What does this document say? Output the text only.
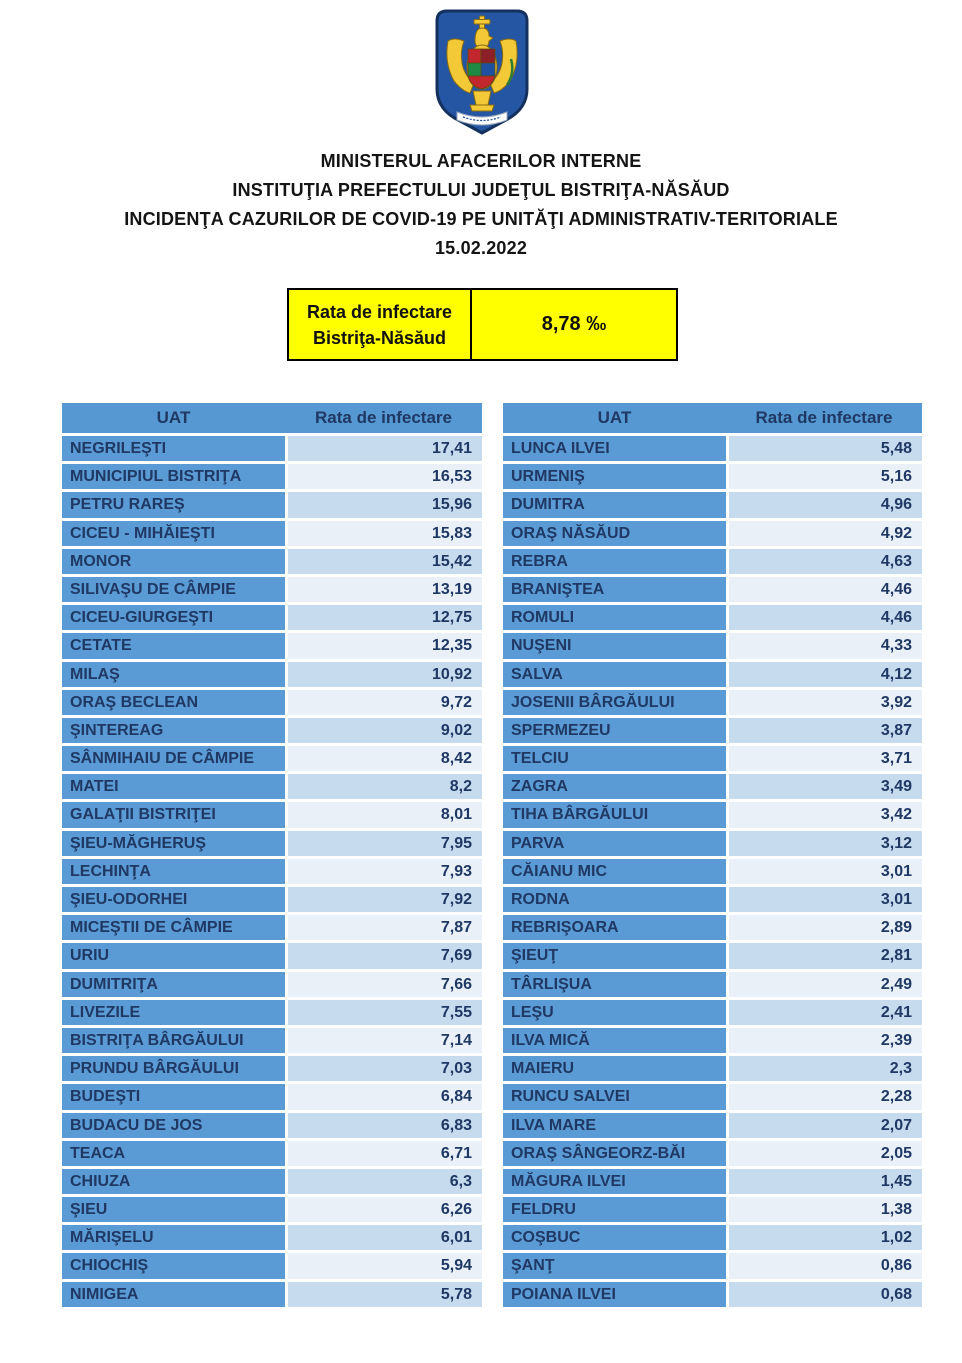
MINISTERUL AFACERILOR INTERNE
INSTITUŢIA PREFECTULUI JUDEŢUL BISTRIŢA-NĂSĂUD
INCIDENŢA CAZURILOR DE COVID-19 PE UNITĂŢI ADMINISTRATIV-TERITORIALE
15.02.2022
Rata de infectare
Bistriţa-Năsăud
8,78 ‰
UAT	Rata de infectare
NEGRILEŞTI	17,41
MUNICIPIUL BISTRIŢA	16,53
PETRU RAREŞ	15,96
CICEU - MIHĂIEŞTI	15,83
MONOR	15,42
SILIVAŞU DE CÂMPIE	13,19
CICEU-GIURGEŞTI	12,75
CETATE	12,35
MILAŞ	10,92
ORAŞ BECLEAN	9,72
ŞINTEREAG	9,02
SÂNMIHAIU DE CÂMPIE	8,42
MATEI	8,2
GALAŢII BISTRIŢEI	8,01
ŞIEU-MĂGHERUŞ	7,95
LECHINŢA	7,93
ŞIEU-ODORHEI	7,92
MICEŞTII DE CÂMPIE	7,87
URIU	7,69
DUMITRIŢA	7,66
LIVEZILE	7,55
BISTRIŢA BÂRGĂULUI	7,14
PRUNDU BÂRGĂULUI	7,03
BUDEŞTI	6,84
BUDACU DE JOS	6,83
TEACA	6,71
CHIUZA	6,3
ŞIEU	6,26
MĂRIŞELU	6,01
CHIOCHIŞ	5,94
NIMIGEA	5,78
UAT	Rata de infectare
LUNCA ILVEI	5,48
URMENIŞ	5,16
DUMITRA	4,96
ORAŞ NĂSĂUD	4,92
REBRA	4,63
BRANIŞTEA	4,46
ROMULI	4,46
NUŞENI	4,33
SALVA	4,12
JOSENII BÂRGĂULUI	3,92
SPERMEZEU	3,87
TELCIU	3,71
ZAGRA	3,49
TIHA BÂRGĂULUI	3,42
PARVA	3,12
CĂIANU MIC	3,01
RODNA	3,01
REBRIŞOARA	2,89
ŞIEUŢ	2,81
TÂRLIŞUA	2,49
LEŞU	2,41
ILVA MICĂ	2,39
MAIERU	2,3
RUNCU SALVEI	2,28
ILVA MARE	2,07
ORAŞ SÂNGEORZ-BĂI	2,05
MĂGURA ILVEI	1,45
FELDRU	1,38
COŞBUC	1,02
ŞANŢ	0,86
POIANA ILVEI	0,68
